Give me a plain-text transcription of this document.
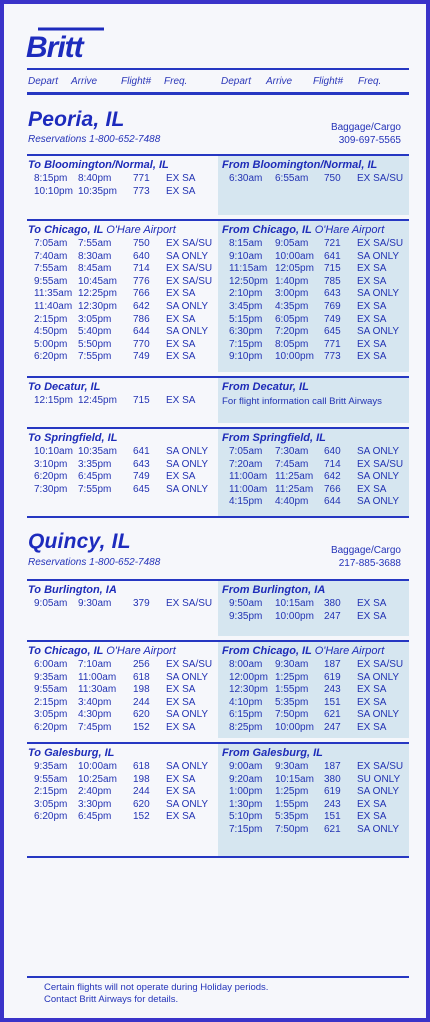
Britt
Depart Arrive Flight# Freq.	Depart Arrive Flight# Freq.
Peoria, IL
Reservations 1-800-652-7488
Baggage/Cargo
309-697-5565
Quincy, IL
Reservations 1-800-652-7488
Baggage/Cargo
217-885-3688
To Bloomington/Normal, IL
8:15pm 8:40pm 771 EX SA
10:10pm 10:35pm 773 EX SA
From Bloomington/Normal, IL
6:30am 6:55am 750 EX SA/SU
To Chicago, IL O'Hare Airport
7:05am 7:55am 750 EX SA/SU
7:40am 8:30am 640 SA ONLY
7:55am 8:45am 714 EX SA/SU
9:55am 10:45am 776 EX SA/SU
11:35am 12:25pm 766 EX SA
11:40am 12:30pm 642 SA ONLY
2:15pm 3:05pm 786 EX SA
4:50pm 5:40pm 644 SA ONLY
5:00pm 5:50pm 770 EX SA
6:20pm 7:55pm 749 EX SA
From Chicago, IL O'Hare Airport
8:15am 9:05am 721 EX SA/SU
9:10am 10:00am 641 SA ONLY
11:15am 12:05pm 715 EX SA
12:50pm 1:40pm 785 EX SA
2:10pm 3:00pm 643 SA ONLY
3:45pm 4:35pm 769 EX SA
5:15pm 6:05pm 749 EX SA
6:30pm 7:20pm 645 SA ONLY
7:15pm 8:05pm 771 EX SA
9:10pm 10:00pm 773 EX SA
To Decatur, IL
12:15pm 12:45pm 715 EX SA
From Decatur, IL
For flight information call Britt Airways
To Springfield, IL
10:10am 10:35am 641 SA ONLY
3:10pm 3:35pm 643 SA ONLY
6:20pm 6:45pm 749 EX SA
7:30pm 7:55pm 645 SA ONLY
From Springfield, IL
7:05am 7:30am 640 SA ONLY
7:20am 7:45am 714 EX SA/SU
11:00am 11:25am 642 SA ONLY
11:00am 11:25am 766 EX SA
4:15pm 4:40pm 644 SA ONLY
To Burlington, IA
9:05am 9:30am 379 EX SA/SU
From Burlington, IA
9:50am 10:15am 380 EX SA
9:35pm 10:00pm 247 EX SA
To Chicago, IL O'Hare Airport
6:00am 7:10am 256 EX SA/SU
9:35am 11:00am 618 SA ONLY
9:55am 11:30am 198 EX SA
2:15pm 3:40pm 244 EX SA
3:05pm 4:30pm 620 SA ONLY
6:20pm 7:45pm 152 EX SA
From Chicago, IL O'Hare Airport
8:00am 9:30am 187 EX SA/SU
12:00pm 1:25pm 619 SA ONLY
12:30pm 1:55pm 243 EX SA
4:10pm 5:35pm 151 EX SA
6:15pm 7:50pm 621 SA ONLY
8:25pm 10:00pm 247 EX SA
To Galesburg, IL
9:35am 10:00am 618 SA ONLY
9:55am 10:25am 198 EX SA
2:15pm 2:40pm 244 EX SA
3:05pm 3:30pm 620 SA ONLY
6:20pm 6:45pm 152 EX SA
From Galesburg, IL
9:00am 9:30am 187 EX SA/SU
9:20am 10:15am 380 SU ONLY
1:00pm 1:25pm 619 SA ONLY
1:30pm 1:55pm 243 EX SA
5:10pm 5:35pm 151 EX SA
7:15pm 7:50pm 621 SA ONLY
Certain flights will not operate during Holiday periods.
Contact Britt Airways for details.
